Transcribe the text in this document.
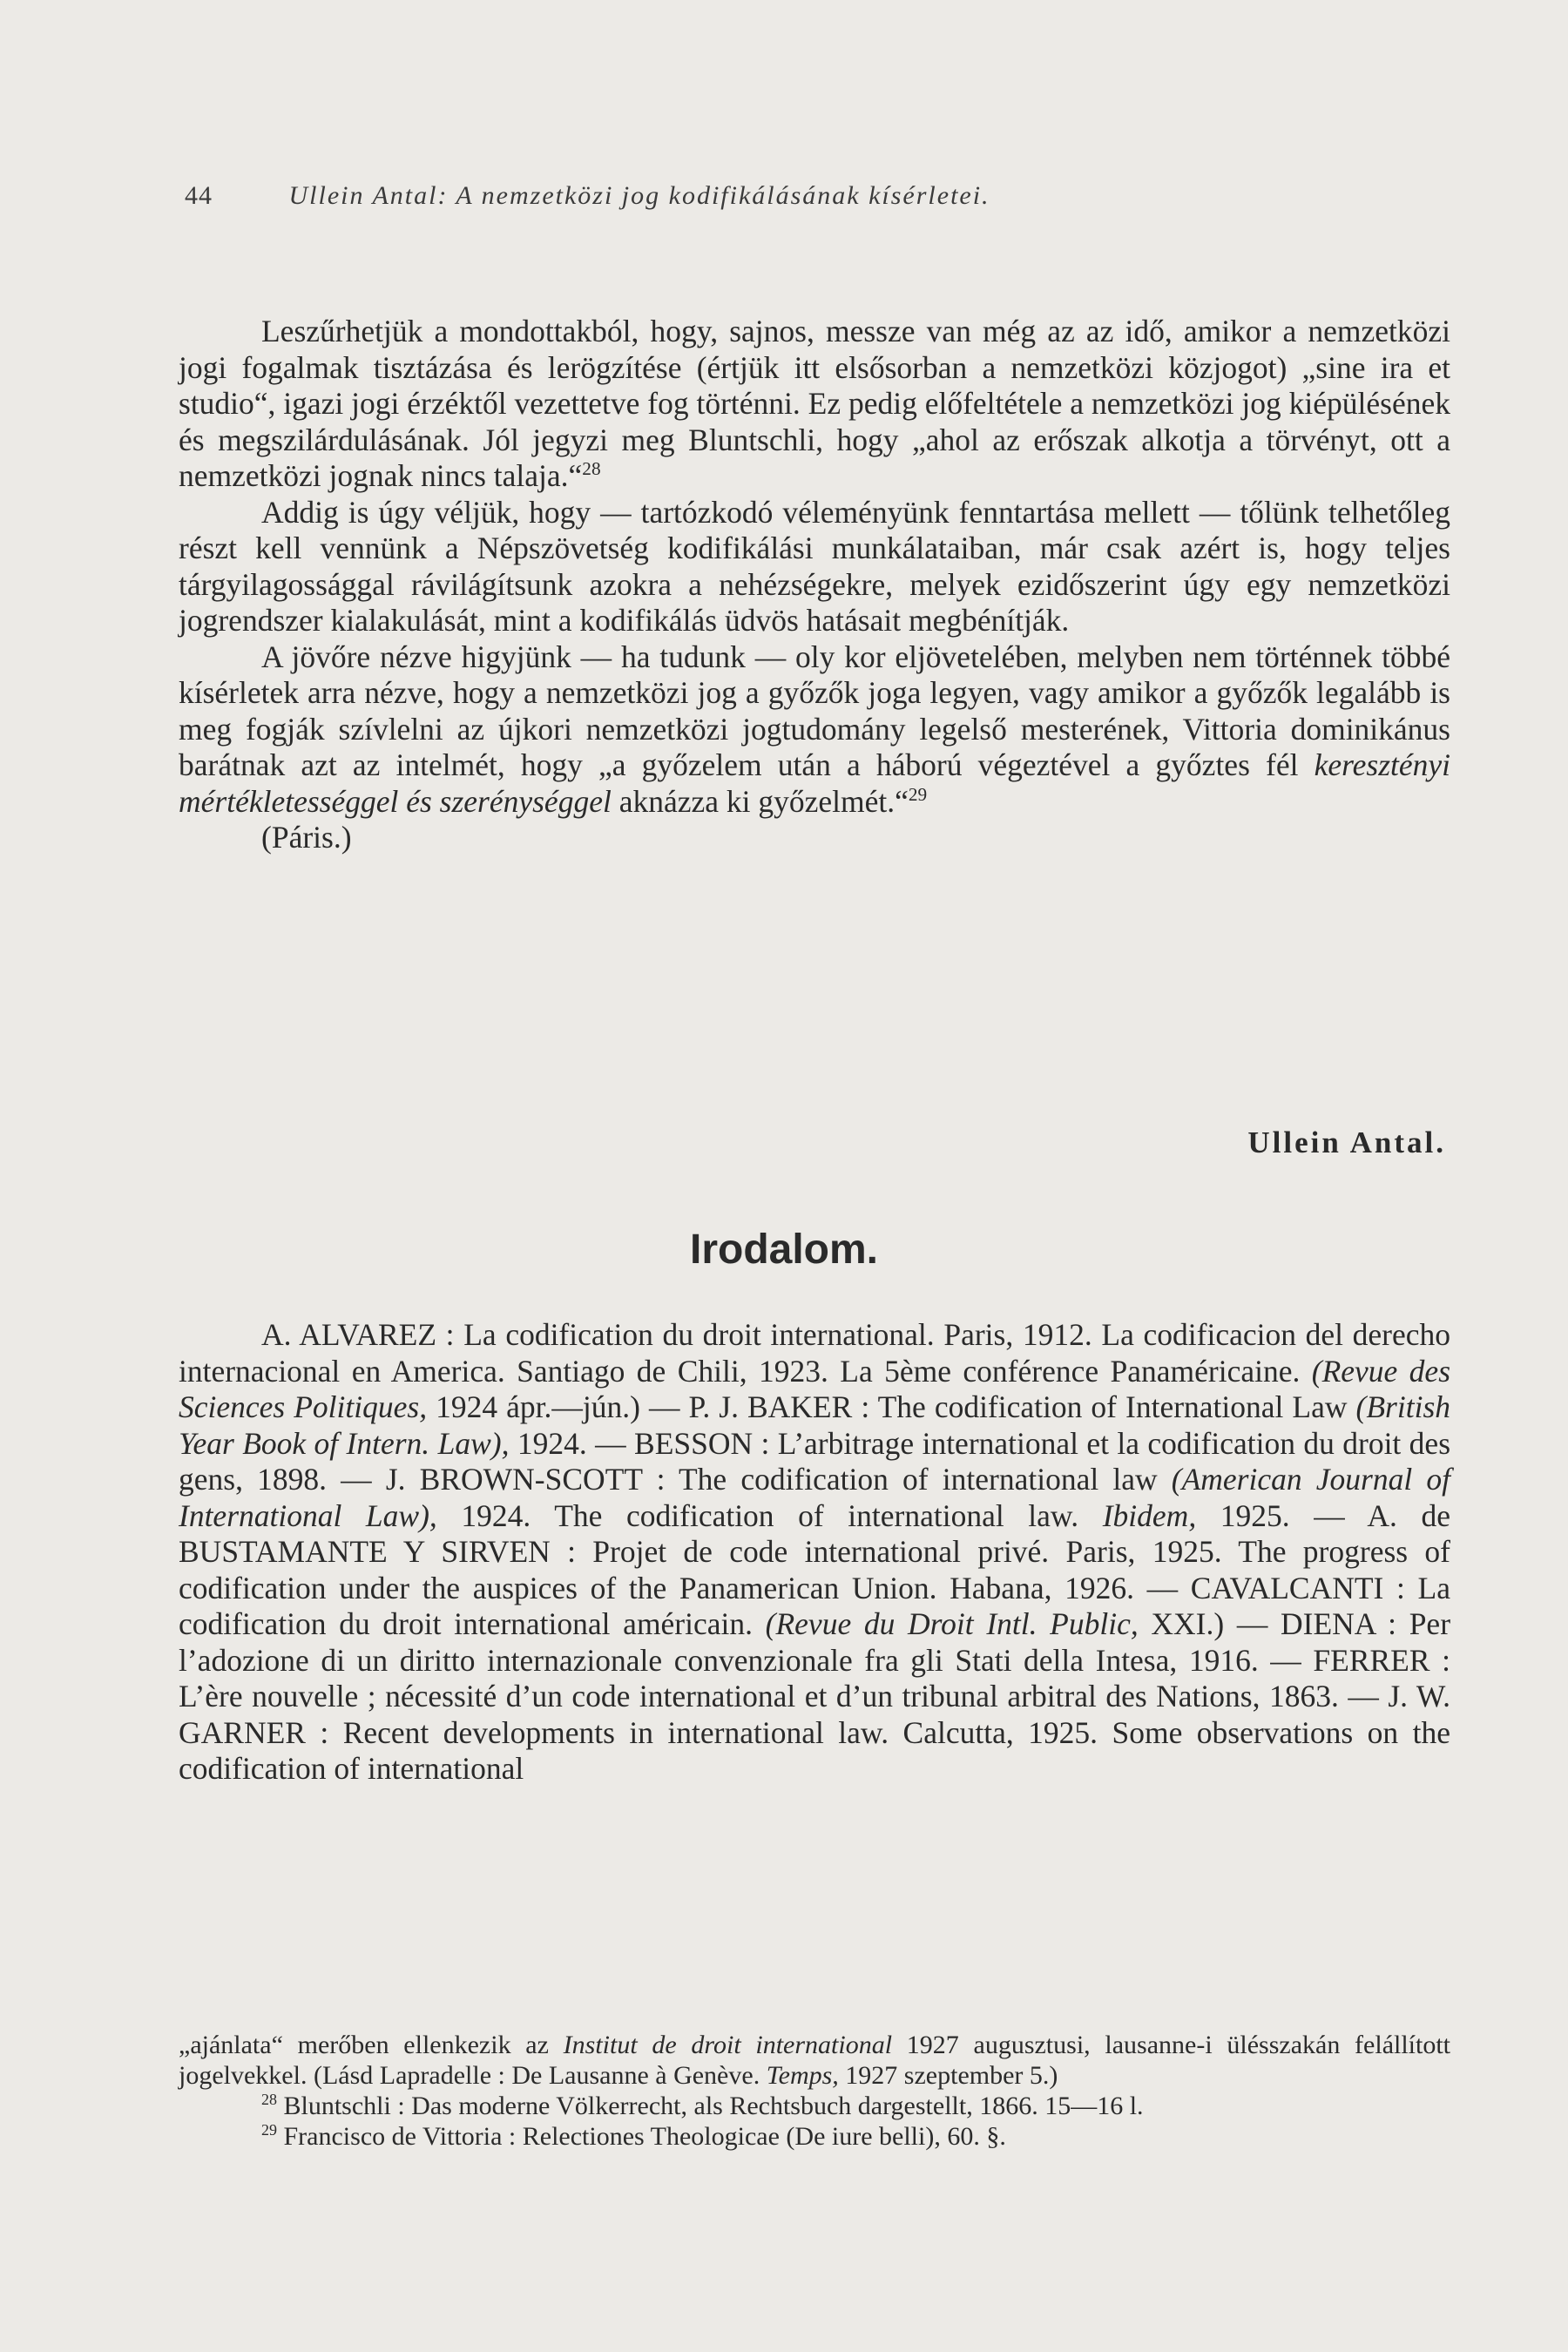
44	Ullein Antal: A nemzetközi jog kodifikálásának kísérletei.

Leszűrhetjük a mondottakból, hogy, sajnos, messze van még az az idő, amikor a nemzetközi jogi fogalmak tisztázása és lerögzítése (értjük itt elsősorban a nemzetközi közjogot) „sine ira et studio“, igazi jogi érzéktől vezettetve fog történni. Ez pedig előfeltétele a nemzetközi jog kiépülésének és megszilárdulásának. Jól jegyzi meg Bluntschli, hogy „ahol az erőszak alkotja a törvényt, ott a nemzetközi jognak nincs talaja.“$^{28}$

Addig is úgy véljük, hogy — tartózkodó véleményünk fenntartása mellett — tőlünk telhetőleg részt kell vennünk a Népszövetség kodifikálási munkálataiban, már csak azért is, hogy teljes tárgyilagossággal rávilágítsunk azokra a nehézségekre, melyek ezidőszerint úgy egy nemzetközi jogrendszer kialakulását, mint a kodifikálás üdvös hatásait megbénítják.

A jövőre nézve higyjünk — ha tudunk — oly kor eljövetelében, melyben nem történnek többé kísérletek arra nézve, hogy a nemzetközi jog a győzők joga legyen, vagy amikor a győzők legalább is meg fogják szívlelni az újkori nemzetközi jogtudomány legelső mesterének, Vittoria dominikánus barátnak azt az intelmét, hogy „a győzelem után a háború végeztével a győztes fél keresztényi mértékletességgel és szerénységgel aknázza ki győzelmét.“$^{29}$

(Páris.)

Ullein Antal.
Irodalom.

A. ALVAREZ : La codification du droit international. Paris, 1912. La codificacion del derecho internacional en America. Santiago de Chili, 1923. La 5ème conférence Panaméricaine. (Revue des Sciences Politiques, 1924 ápr.—jún.) — P. J. BAKER : The codification of International Law (British Year Book of Intern. Law), 1924. — BESSON : L’arbitrage international et la codification du droit des gens, 1898. — J. BROWN-SCOTT : The codification of international law (American Journal of International Law), 1924. The codification of international law. Ibidem, 1925. — A. de BUSTAMANTE Y SIRVEN : Projet de code international privé. Paris, 1925. The progress of codification under the auspices of the Panamerican Union. Habana, 1926. — CAVALCANTI : La codification du droit international américain. (Revue du Droit Intl. Public, XXI.) — DIENA : Per l’adozione di un diritto internazionale convenzionale fra gli Stati della Intesa, 1916. — FERRER : L’ère nouvelle ; nécessité d’un code international et d’un tribunal arbitral des Nations, 1863. — J. W. GARNER : Recent developments in international law. Calcutta, 1925. Some observations on the codification of international

„ajánlata“ merőben ellenkezik az Institut de droit international 1927 augusztusi, lausanne-i ülésszakán felállított jogelvekkel. (Lásd Lapradelle : De Lausanne à Genève. Temps, 1927 szeptember 5.)

$^{28}$ Bluntschli : Das moderne Völkerrecht, als Rechtsbuch dargestellt, 1866. 15—16 l.

$^{29}$ Francisco de Vittoria : Relectiones Theologicae (De iure belli), 60. §.
